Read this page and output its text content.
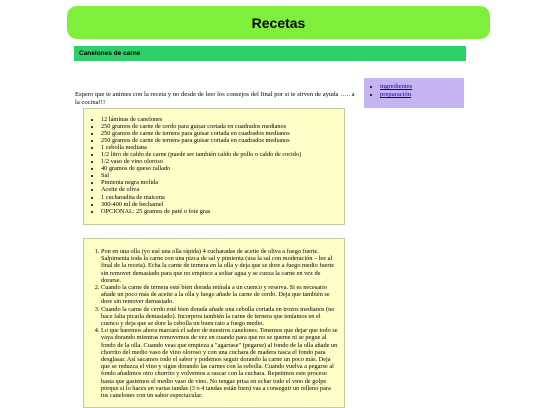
Recetas
Canelones de carne

Espero que te animes con la receta y no desde de leer los consejos del final por si te sirven de ayuda ….. a la cocina!!!

• ingredientes
• preparación
• 12 láminas de canelones
• 250 gramos de carne de cerdo para guisar cortada en cuadrados medianos
• 250 gramos de carne de ternera para guisar cortada en cuadrados medianos
• 250 gramos de carne de ternera para guisar cortada en cuadrados medianos
• 1 cebolla mediana
• 1/2 litro de caldo de carne (puede ser también caldo de pollo o caldo de cocido)
• 1/2 vaso de vino oloroso
• 40 gramos de queso rallado
• Sal
• Pimienta negra molida
• Aceite de oliva
• 1 cucharadita de maicena
• 300-400 ml de bechamel
• OPCIONAL: 25 gramos de paté o foie gras
1. Pon en una olla (yo usé una olla rápida) 4 cucharadas de aceite de oliva a fuego fuerte. Salpimenta toda la carne con una pizca de sal y pimienta (usa la sal con moderación – lee al final de la receta). Echa la carne de ternera en la olla y deja que se dore a fuego medio fuerte sin remover demasiado para que no empiece a soltar agua y se cueza la carne en vez de dorarse.
2. Cuando la carne de ternera esté bien dorada retírala a un cuenco y reserva. Si es necesario añade un poco más de aceite a la olla y luego añade la carne de cerdo. Deja que también se dore sin remover demasiado.
3. Cuando la carne de cerdo esté bien dorada añade una cebolla cortada en trozos medianos (no hace falta picarla demasiado). Incorpora también la carne de ternera que teníamos en el cuenco y deja que se dore la cebolla un buen rato a fuego medio.
4. Lo que haremos ahora marcará el sabor de nuestros canelones. Tenemos que dejar que todo se vaya dorando mientras removemos de vez en cuando para que no se queme ni se pegue al fondo de la olla. Cuando veas que empieza a "agarrase" (pegarse) al fondo de la olla añade un chorrito del medio vaso de vino oloroso y con una cuchara de madera rasca el fondo para desglasar. Así sacamos todo el sabor y podemos seguir dorando la carne un poco más. Deja que se reduzca el vino y sigue dorando las carnes con la cebolla. Cuando vuelva a pegarse al fondo añadimos otro chorrito y volvemos a rascar con la cuchara. Repetimos este proceso hasta que gastemos el medio vaso de vino. No tengas prisa en echar todo el vino de golpe porque si lo haces en varias tandas (3 o 4 tandas están bien) vas a conseguir un relleno para tus canelones con un sabor espectacular.
